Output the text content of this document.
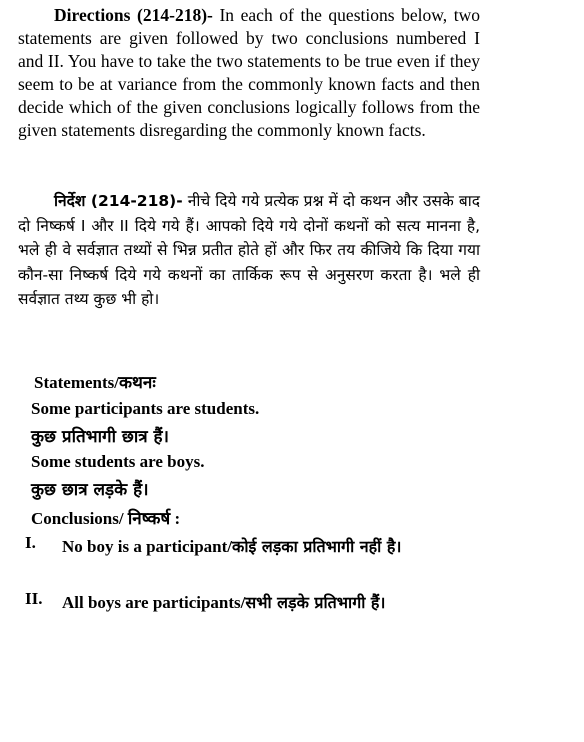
Directions (214-218)- In each of the questions below, two statements are given followed by two conclusions numbered I and II. You have to take the two statements to be true even if they seem to be at variance from the commonly known facts and then decide which of the given conclusions logically follows from the given statements disregarding the commonly known facts.

निर्देश (214-218)- नीचे दिये गये प्रत्येक प्रश्न में दो कथन और उसके बाद दो निष्कर्ष I और II दिये गये हैं। आपको दिये गये दोनों कथनों को सत्य मानना है, भले ही वे सर्वज्ञात तथ्यों से भिन्न प्रतीत होते हों और फिर तय कीजिये कि दिया गया कौन-सा निष्कर्ष दिये गये कथनों का तार्किक रूप से अनुसरण करता है। भले ही सर्वज्ञात तथ्य कुछ भी हो।

Statements/कथनः
Some participants are students.
कुछ प्रतिभागी छात्र हैं।
Some students are boys.
कुछ छात्र लड़के हैं।
Conclusions/ निष्कर्ष :
I. No boy is a participant/कोई लड़का प्रतिभागी नहीं है।
II. All boys are participants/सभी लड़के प्रतिभागी हैं।
